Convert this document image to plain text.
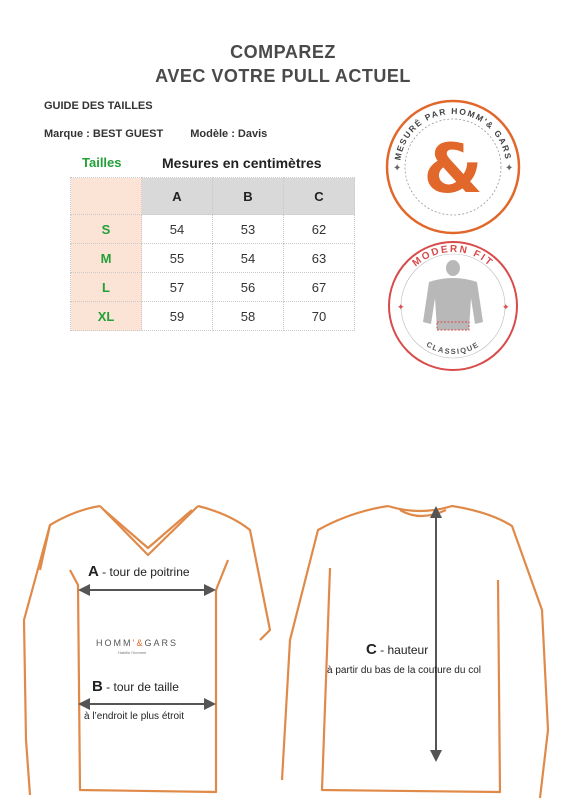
COMPAREZ
AVEC VOTRE PULL ACTUEL
GUIDE DES TAILLES
Marque : BEST GUEST Modèle : Davis
Tailles	Mesures en centimètres
	A	B	C
S	54	53	62
M	55	54	63
L	57	56	67
XL	59	58	70
MESURÉ PAR HOMM'& GARS
&
✦	✦
MODERN FIT
CLASSIQUE
✦	✦
A - tour de poitrine
B - tour de taille
à l’endroit le plus étroit
C - hauteur
à partir du bas de la couture du col
HOMM’&GARS
Habille l'homme
